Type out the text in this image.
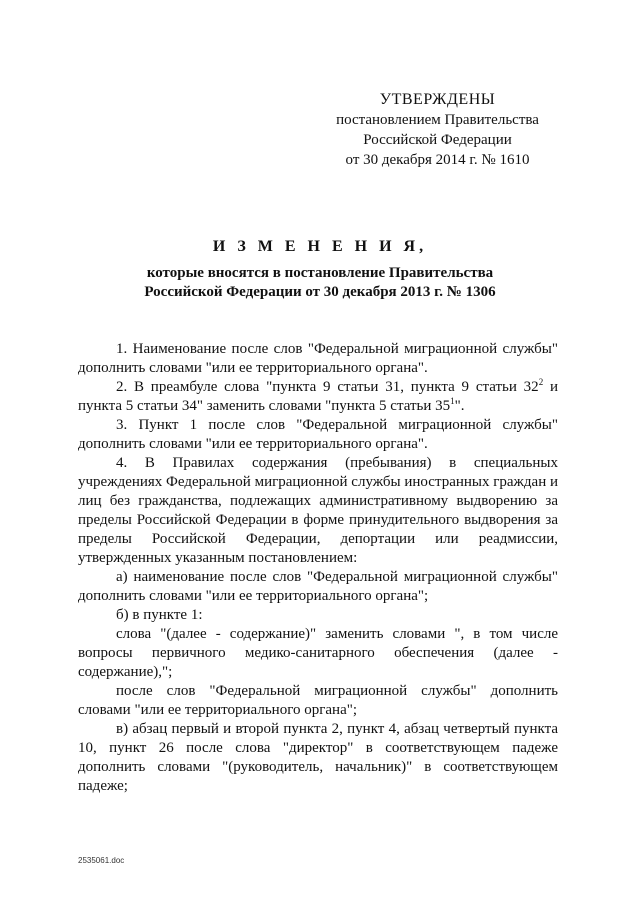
УТВЕРЖДЕНЫ
постановлением Правительства
Российской Федерации
от 30 декабря 2014 г. № 1610
И З М Е Н Е Н И Я,
которые вносятся в постановление Правительства
Российской Федерации от 30 декабря 2013 г. № 1306

1. Наименование после слов "Федеральной миграционной службы" дополнить словами "или ее территориального органа".

2. В преамбуле слова "пункта 9 статьи 31, пункта 9 статьи $32^2$ и пункта 5 статьи 34" заменить словами "пункта 5 статьи $35^1$".

3. Пункт 1 после слов "Федеральной миграционной службы" дополнить словами "или ее территориального органа".

4. В Правилах содержания (пребывания) в специальных учреждениях Федеральной миграционной службы иностранных граждан и лиц без гражданства, подлежащих административному выдворению за пределы Российской Федерации в форме принудительного выдворения за пределы Российской Федерации, депортации или реадмиссии, утвержденных указанным постановлением:

а) наименование после слов "Федеральной миграционной службы" дополнить словами "или ее территориального органа";

б) в пункте 1:

слова "(далее - содержание)" заменить словами ", в том числе вопросы первичного медико-санитарного обеспечения (далее - содержание),";

после слов "Федеральной миграционной службы" дополнить словами "или ее территориального органа";

в) абзац первый и второй пункта 2, пункт 4, абзац четвертый пункта 10, пункт 26 после слова "директор" в соответствующем падеже дополнить словами "(руководитель, начальник)" в соответствующем падеже;

2535061.doc
